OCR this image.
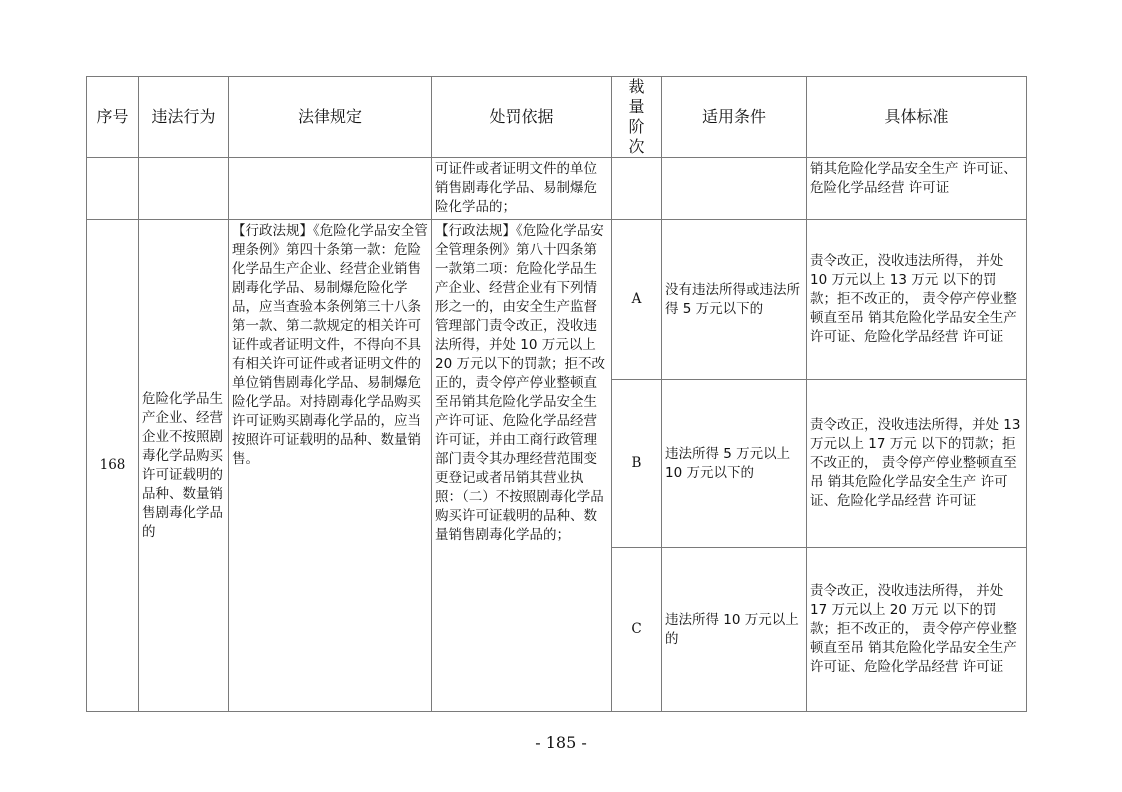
序号	违法行为	法律规定	处罚依据	裁量阶次	适用条件	具体标准
			可证件或者证明文件的单位销售剧毒化学品、易制爆危险化学品的；			销其危险化学品安全生产 许可证、危险化学品经营 许可证
168	危险化学品生产企业、经营企业不按照剧毒化学品购买许可证载明的品种、数量销售剧毒化学品的	【行政法规】《危险化学品安全管理条例》第四十条第一款：危险化学品生产企业、经营企业销售剧毒化学品、易制爆危险化学品，应当查验本条例第三十八条第一款、第二款规定的相关许可证件或者证明文件，不得向不具有相关许可证件或者证明文件的单位销售剧毒化学品、易制爆危险化学品。对持剧毒化学品购买许可证购买剧毒化学品的，应当按照许可证载明的品种、数量销售。	【行政法规】《危险化学品安全管理条例》第八十四条第一款第二项：危险化学品生产企业、经营企业有下列情形之一的，由安全生产监督管理部门责令改正，没收违法所得，并处 10 万元以上 20 万元以下的罚款；拒不改正的，责令停产停业整顿直至吊销其危险化学品安全生产许可证、危险化学品经营许可证，并由工商行政管理部门责令其办理经营范围变更登记或者吊销其营业执照：（二）不按照剧毒化学品购买许可证载明的品种、数量销售剧毒化学品的；	A	没有违法所得或违法所得 5 万元以下的	责令改正，没收违法所得， 并处 10 万元以上 13 万元 以下的罚款；拒不改正的， 责令停产停业整顿直至吊 销其危险化学品安全生产 许可证、危险化学品经营 许可证
				B	违法所得 5 万元以上 10 万元以下的	责令改正，没收违法所得，并处 13 万元以上 17 万元 以下的罚款；拒不改正的， 责令停产停业整顿直至吊 销其危险化学品安全生产 许可证、危险化学品经营 许可证
				C	违法所得 10 万元以上的	责令改正，没收违法所得， 并处 17 万元以上 20 万元 以下的罚款；拒不改正的， 责令停产停业整顿直至吊 销其危险化学品安全生产 许可证、危险化学品经营 许可证
- 185 -
